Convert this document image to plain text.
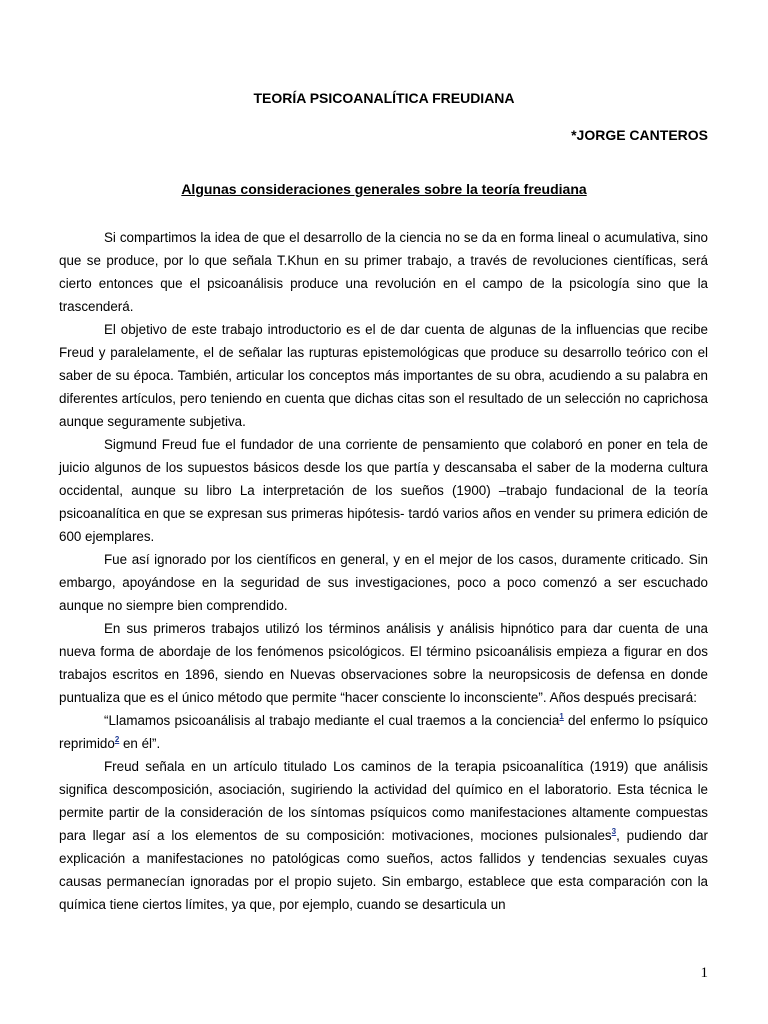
TEORÍA PSICOANALÍTICA FREUDIANA
*JORGE CANTEROS
Algunas consideraciones generales sobre la teoría freudiana

Si compartimos la idea de que el desarrollo de la ciencia no se da en forma lineal o acumulativa, sino que se produce, por lo que señala T.Khun en su primer trabajo, a través de revoluciones científicas, será cierto entonces que el psicoanálisis produce una revolución en el campo de la psicología sino que la trascenderá.

El objetivo de este trabajo introductorio es el de dar cuenta de algunas de la influencias que recibe Freud y paralelamente, el de señalar las rupturas epistemológicas que produce su desarrollo teórico con el saber de su época. También, articular los conceptos más importantes de su obra, acudiendo a su palabra en diferentes artículos, pero teniendo en cuenta que dichas citas son el resultado de un selección no caprichosa aunque seguramente subjetiva.

Sigmund Freud fue el fundador de una corriente de pensamiento que colaboró en poner en tela de juicio algunos de los supuestos básicos desde los que partía y descansaba el saber de la moderna cultura occidental, aunque su libro La interpretación de los sueños (1900) –trabajo fundacional de la teoría psicoanalítica en que se expresan sus primeras hipótesis- tardó varios años en vender su primera edición de 600 ejemplares.

Fue así ignorado por los científicos en general, y en el mejor de los casos, duramente criticado. Sin embargo, apoyándose en la seguridad de sus investigaciones, poco a poco comenzó a ser escuchado aunque no siempre bien comprendido.

En sus primeros trabajos utilizó los términos análisis y análisis hipnótico para dar cuenta de una nueva forma de abordaje de los fenómenos psicológicos. El término psicoanálisis empieza a figurar en dos trabajos escritos en 1896, siendo en Nuevas observaciones sobre la neuropsicosis de defensa en donde puntualiza que es el único método que permite “hacer consciente lo inconsciente”. Años después precisará:

“Llamamos psicoanálisis al trabajo mediante el cual traemos a la conciencia$^1$ del enfermo lo psíquico reprimido$^2$ en él”.

Freud señala en un artículo titulado Los caminos de la terapia psicoanalítica (1919) que análisis significa descomposición, asociación, sugiriendo la actividad del químico en el laboratorio. Esta técnica le permite partir de la consideración de los síntomas psíquicos como manifestaciones altamente compuestas para llegar así a los elementos de su composición: motivaciones, mociones pulsionales$^3$, pudiendo dar explicación a manifestaciones no patológicas como sueños, actos fallidos y tendencias sexuales cuyas causas permanecían ignoradas por el propio sujeto. Sin embargo, establece que esta comparación con la química tiene ciertos límites, ya que, por ejemplo, cuando se desarticula un

1
